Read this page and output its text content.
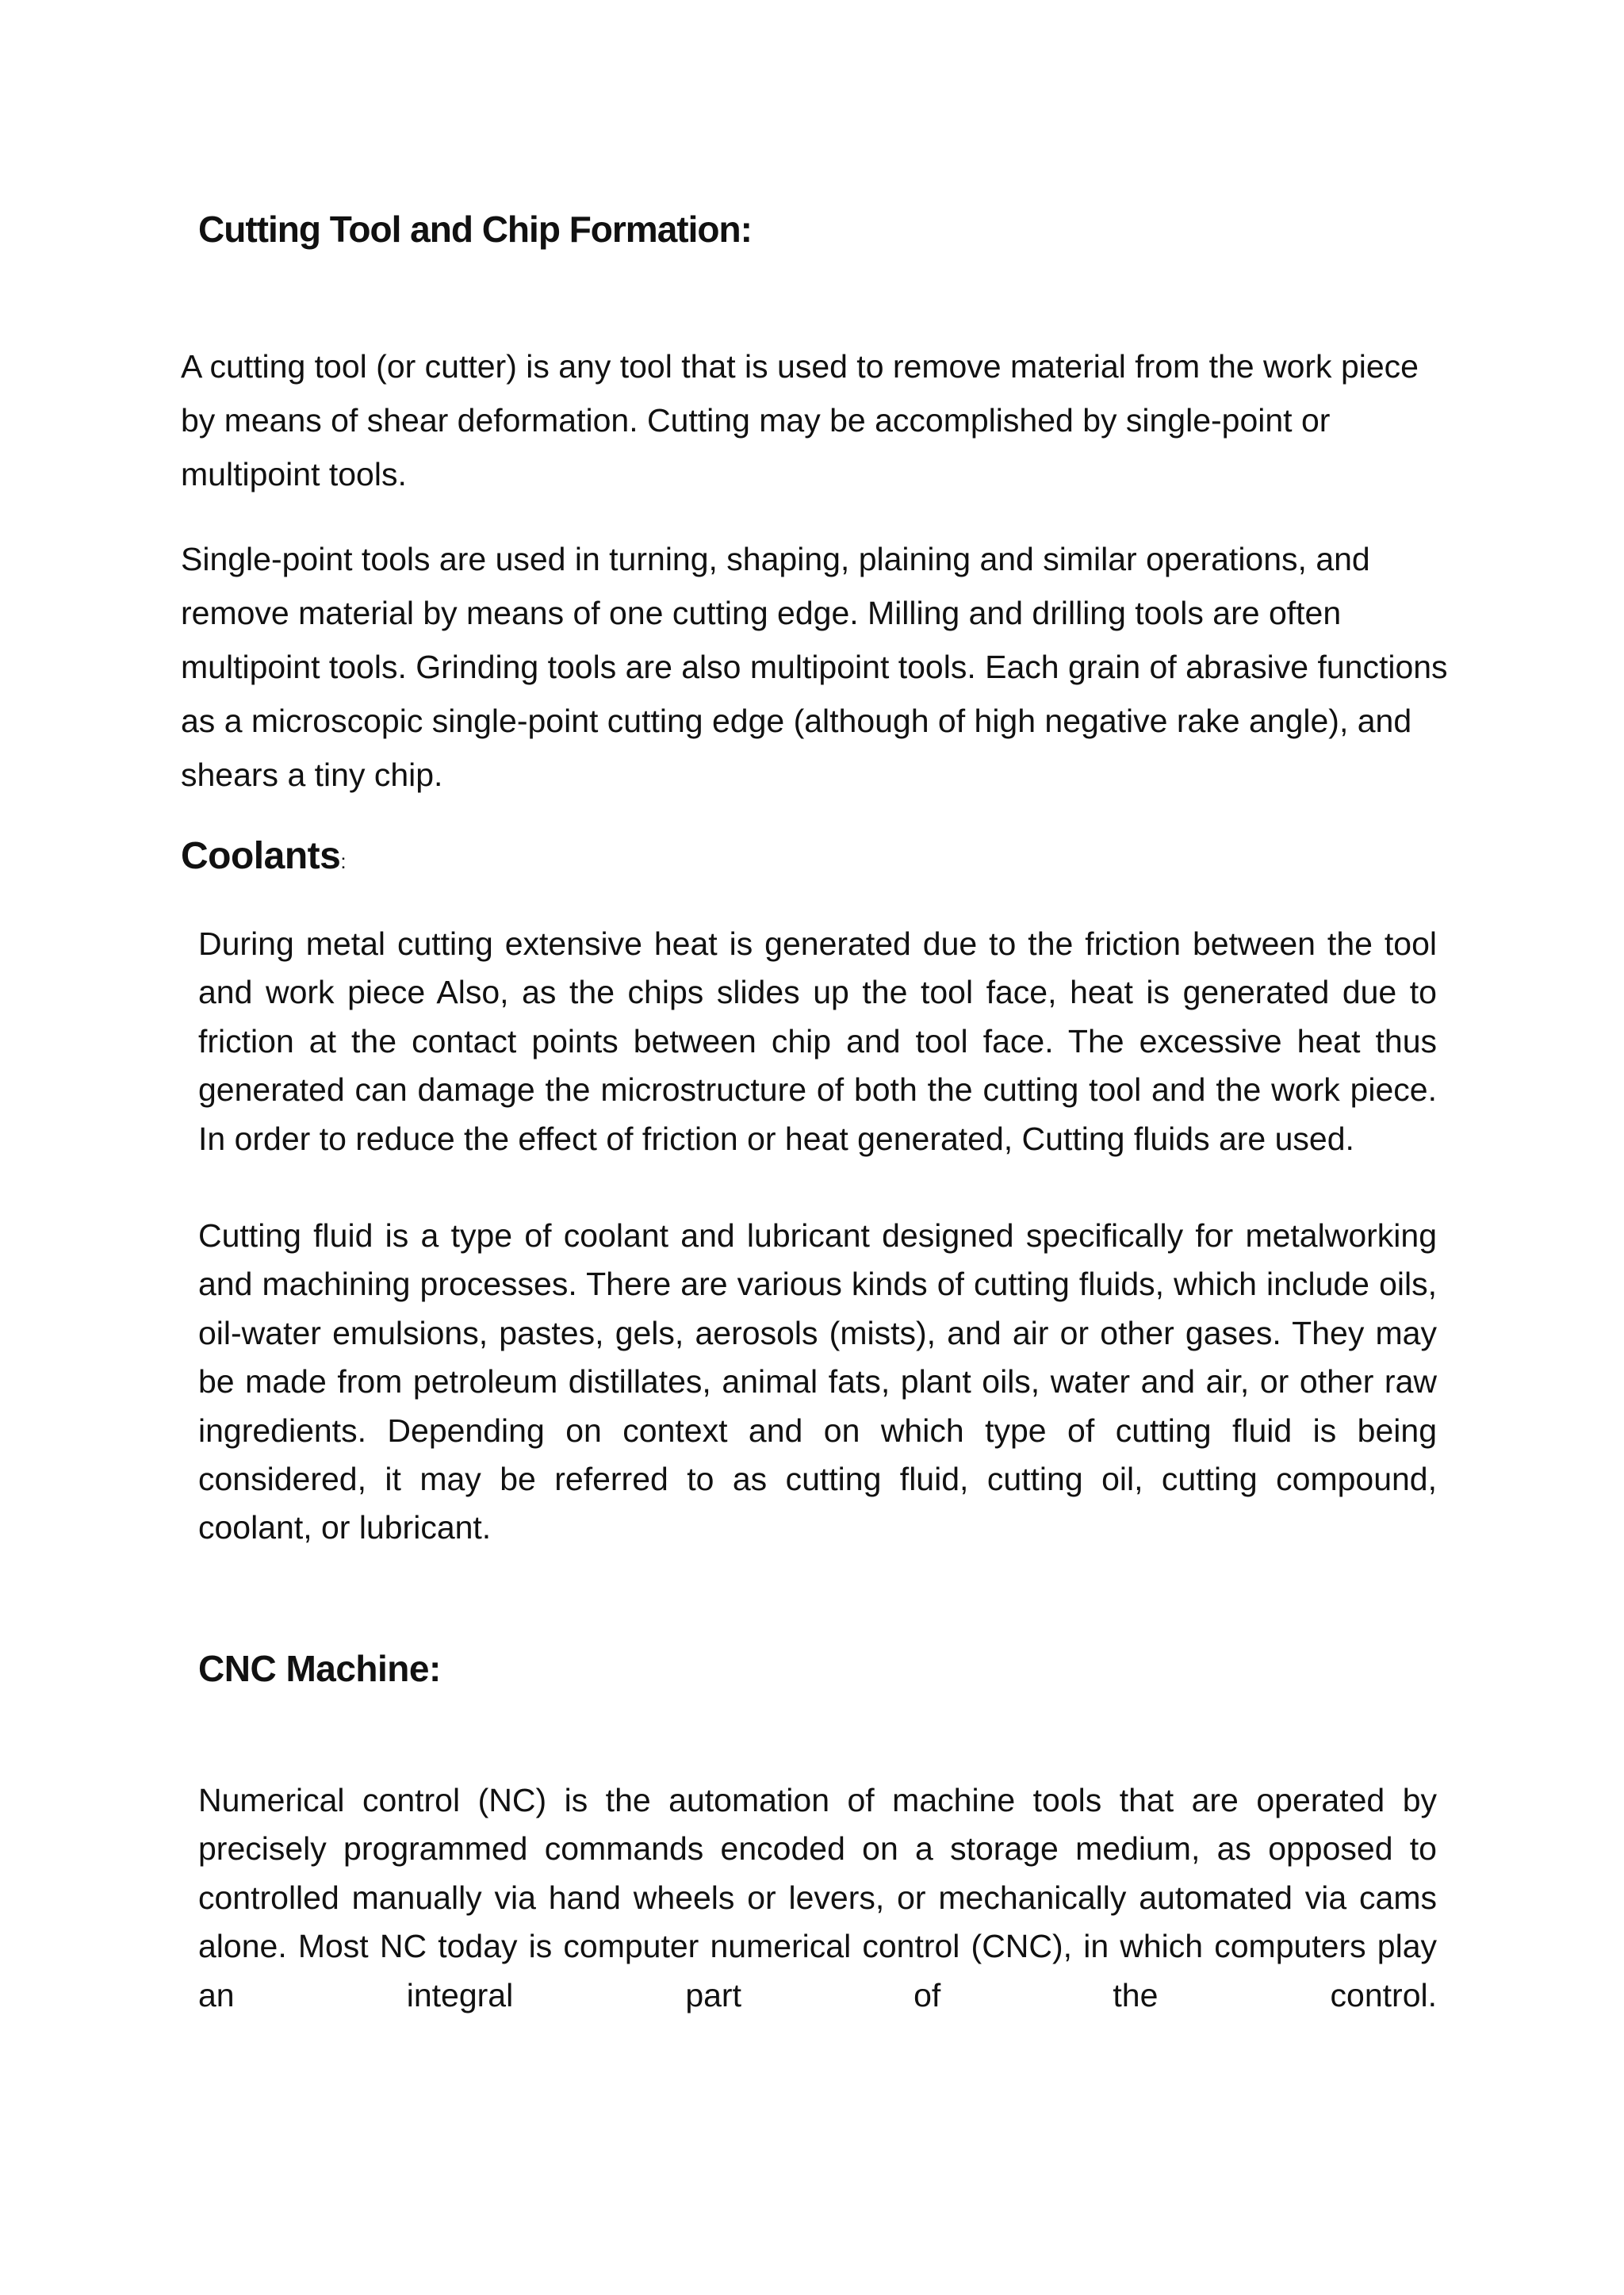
Cutting Tool and Chip Formation:

A cutting tool (or cutter) is any tool that is used to remove material from the work piece by means of shear deformation. Cutting may be accomplished by single-point or multipoint tools.

Single-point tools are used in turning, shaping, plaining and similar operations, and remove material by means of one cutting edge. Milling and drilling tools are often multipoint tools. Grinding tools are also multipoint tools. Each grain of abrasive functions as a microscopic single-point cutting edge (although of high negative rake angle), and shears a tiny chip.

Coolants:

During metal cutting extensive heat is generated due to the friction between the tool and work piece Also, as the chips slides up the tool face, heat is generated due to friction at the contact points between chip and tool face. The excessive heat thus generated can damage the microstructure of both the cutting tool and the work piece. In order to reduce the effect of friction or heat generated, Cutting fluids are used.

Cutting fluid is a type of coolant and lubricant designed specifically for metalworking and machining processes. There are various kinds of cutting fluids, which include oils, oil-water emulsions, pastes, gels, aerosols (mists), and air or other gases. They may be made from petroleum distillates, animal fats, plant oils, water and air, or other raw ingredients. Depending on context and on which type of cutting fluid is being considered, it may be referred to as cutting fluid, cutting oil, cutting compound, coolant, or lubricant.

CNC Machine:

Numerical control (NC) is the automation of machine tools that are operated by precisely programmed commands encoded on a storage medium, as opposed to controlled manually via hand wheels or levers, or mechanically automated via cams alone. Most NC today is computer numerical control (CNC), in which computers play an integral part of the control.
